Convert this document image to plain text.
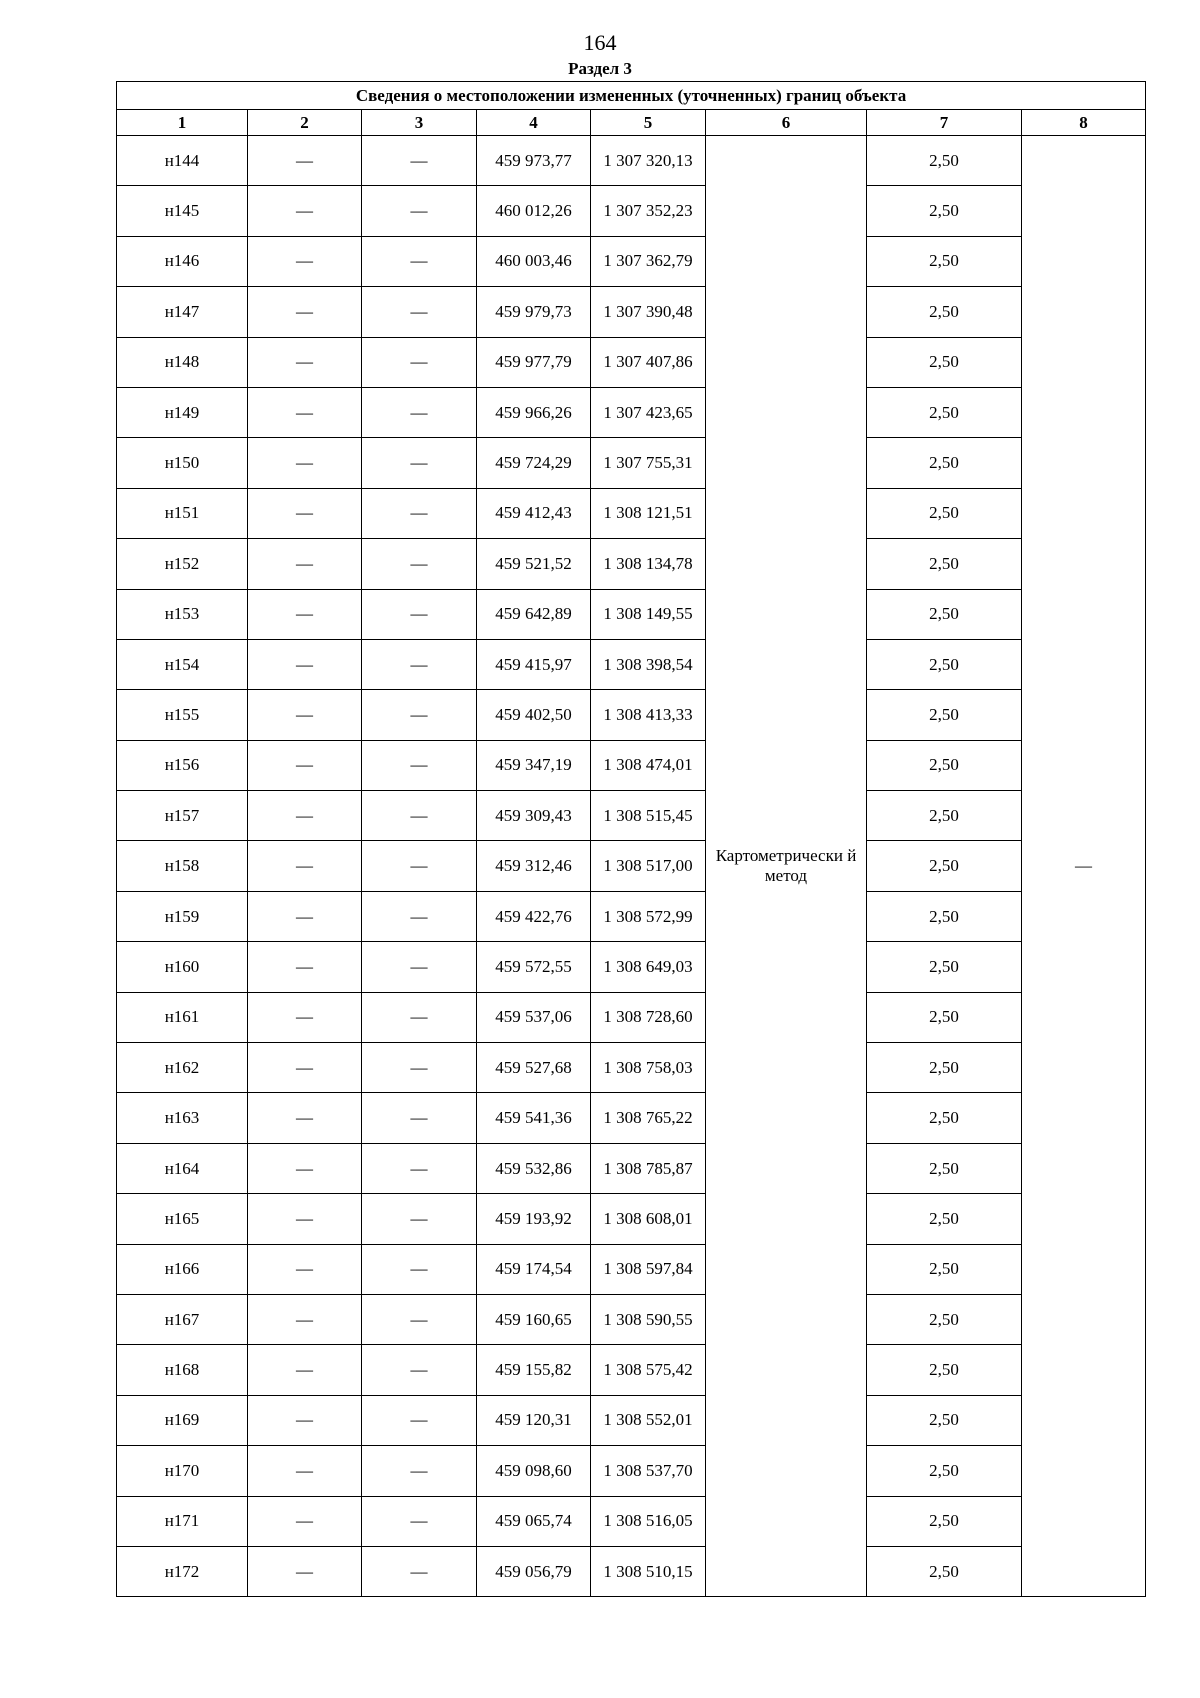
164
Раздел 3
Сведения о местоположении измененных (уточненных) границ объекта							
1	2	3	4	5	6	7	8
н144	—	—	459 973,77	1 307 320,13	Картометрически й метод	2,50	—
н145	—	—	460 012,26	1 307 352,23		2,50	
н146	—	—	460 003,46	1 307 362,79		2,50	
н147	—	—	459 979,73	1 307 390,48		2,50	
н148	—	—	459 977,79	1 307 407,86		2,50	
н149	—	—	459 966,26	1 307 423,65		2,50	
н150	—	—	459 724,29	1 307 755,31		2,50	
н151	—	—	459 412,43	1 308 121,51		2,50	
н152	—	—	459 521,52	1 308 134,78		2,50	
н153	—	—	459 642,89	1 308 149,55		2,50	
н154	—	—	459 415,97	1 308 398,54		2,50	
н155	—	—	459 402,50	1 308 413,33		2,50	
н156	—	—	459 347,19	1 308 474,01		2,50	
н157	—	—	459 309,43	1 308 515,45		2,50	
н158	—	—	459 312,46	1 308 517,00		2,50	
н159	—	—	459 422,76	1 308 572,99		2,50	
н160	—	—	459 572,55	1 308 649,03		2,50	
н161	—	—	459 537,06	1 308 728,60		2,50	
н162	—	—	459 527,68	1 308 758,03		2,50	
н163	—	—	459 541,36	1 308 765,22		2,50	
н164	—	—	459 532,86	1 308 785,87		2,50	
н165	—	—	459 193,92	1 308 608,01		2,50	
н166	—	—	459 174,54	1 308 597,84		2,50	
н167	—	—	459 160,65	1 308 590,55		2,50	
н168	—	—	459 155,82	1 308 575,42		2,50	
н169	—	—	459 120,31	1 308 552,01		2,50	
н170	—	—	459 098,60	1 308 537,70		2,50	
н171	—	—	459 065,74	1 308 516,05		2,50	
н172	—	—	459 056,79	1 308 510,15		2,50	
